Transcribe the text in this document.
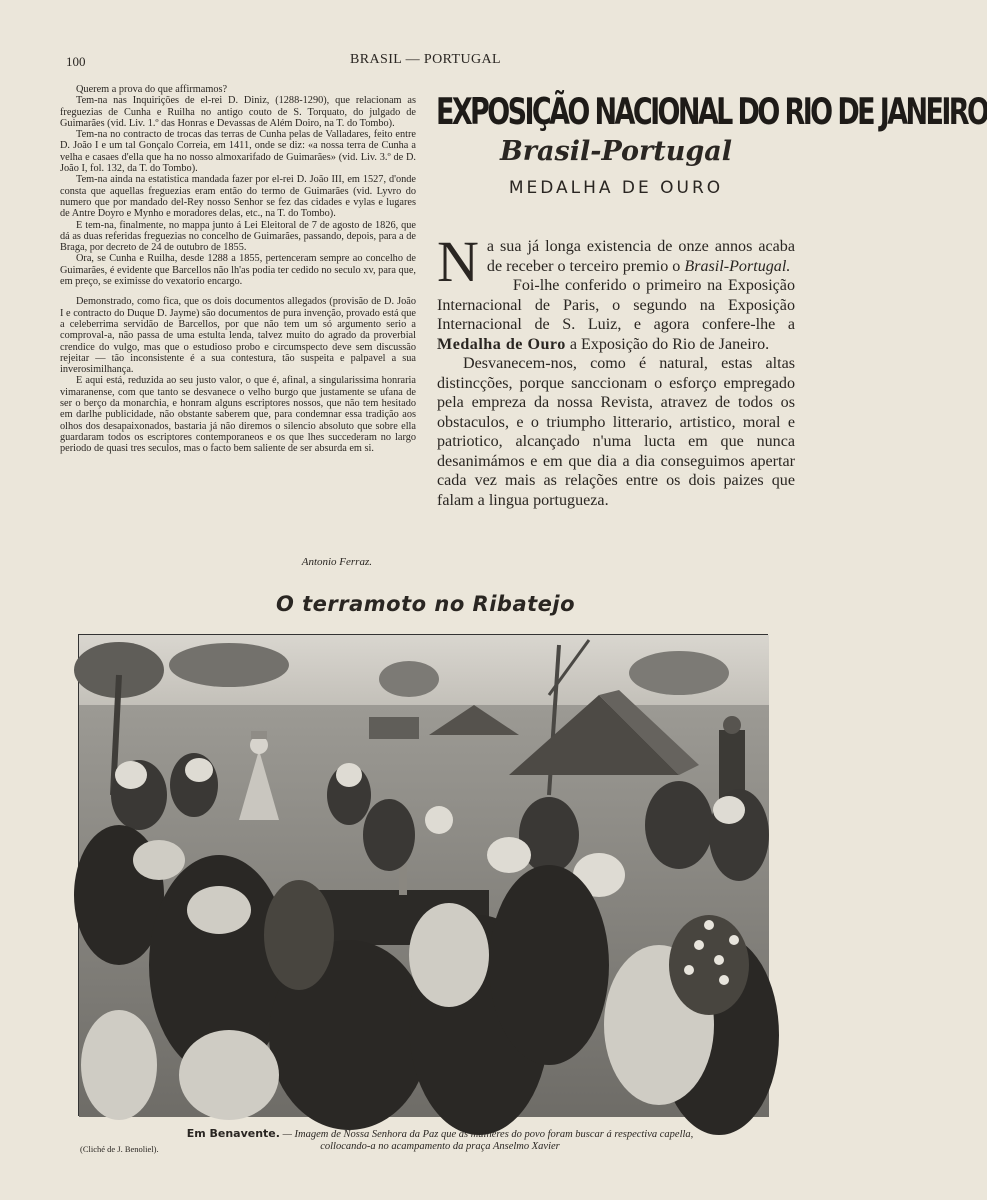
100	BRASIL — PORTUGAL

Querem a prova do que affirmamos?

Tem-na nas Inquirições de el-rei D. Diniz, (1288-1290), que relacionam as freguezias de Cunha e Ruilha no antigo couto de S. Torquato, do julgado de Guimarães (vid. Liv. 1.º das Honras e Devassas de Além Doiro, na T. do Tombo).

Tem-na no contracto de trocas das terras de Cunha pelas de Valladares, feito entre D. João I e um tal Gonçalo Correia, em 1411, onde se diz: «a nossa terra de Cunha a velha e casaes d'ella que ha no nosso almoxarifado de Guimarães» (vid. Liv. 3.º de D. João I, fol. 132, da T. do Tombo).

Tem-na ainda na estatistica mandada fazer por el-rei D. João III, em 1527, d'onde consta que aquellas freguezias eram então do termo de Guimarães (vid. Lyvro do numero que por mandado del-Rey nosso Senhor se fez das cidades e vylas e lugares de Antre Doyro e Mynho e moradores delas, etc., na T. do Tombo).

E tem-na, finalmente, no mappa junto á Lei Eleitoral de 7 de agosto de 1826, que dá as duas referidas freguezias no concelho de Guimarães, passando, depois, para a de Braga, por decreto de 24 de outubro de 1855.

Ora, se Cunha e Ruilha, desde 1288 a 1855, pertenceram sempre ao concelho de Guimarães, é evidente que Barcellos não lh'as podia ter cedido no seculo xv, para que, em preço, se eximisse do vexatorio encargo.

Demonstrado, como fica, que os dois documentos allegados (provisão de D. João I e contracto do Duque D. Jayme) são documentos de pura invenção, provado está que a celeberrima servidão de Barcellos, por que não tem um só argumento serio a comproval-a, não passa de uma estulta lenda, talvez muito do agrado da proverbial crendice do vulgo, mas que o estudioso probo e circumspecto deve sem discussão rejeitar — tão inconsistente é a sua contestura, tão suspeita e palpavel a sua inverosimilhança.

E aqui está, reduzida ao seu justo valor, o que é, afinal, a singularissima honraria vimaranense, com que tanto se desvanece o velho burgo que justamente se ufana de ser o berço da monarchia, e honram alguns escriptores nossos, que não tem hesitado em darlhe publicidade, não obstante saberem que, para condemnar essa tradição aos olhos dos desapaixonados, bastaria já não diremos o silencio absoluto que sobre ella guardaram todos os escriptores contemporaneos e os que lhes succederam no largo periodo de quasi tres seculos, mas o facto bem saliente de ser absurda em si.

Antonio Ferraz.
EXPOSIÇÃO NACIONAL DO RIO DE JANEIRO
Brasil-Portugal
MEDALHA DE OURO

Na sua já longa existencia de onze annos acaba de receber o terceiro premio o Brasil-Portugal.

Foi-lhe conferido o primeiro na Exposição Internacional de Paris, o segundo na Exposição Internacional de S. Luiz, e agora confere-lhe a Medalha de Ouro a Exposição do Rio de Janeiro.

Desvanecem-nos, como é natural, estas altas distincções, porque sanccionam o esforço empregado pela empreza da nossa Revista, atravez de todos os obstaculos, e o triumpho litterario, artistico, moral e patriotico, alcançado n'uma lucta em que nunca desanimámos e em que dia a dia conseguimos apertar cada vez mais as relações entre os dois paizes que falam a lingua portugueza.

O terramoto no Ribatejo
(Cliché de J. Benoliel).
Em Benavente. — Imagem de Nossa Senhora da Paz que as mulheres do povo foram buscar á respectiva capella, collocando-a no acampamento da praça Anselmo Xavier
